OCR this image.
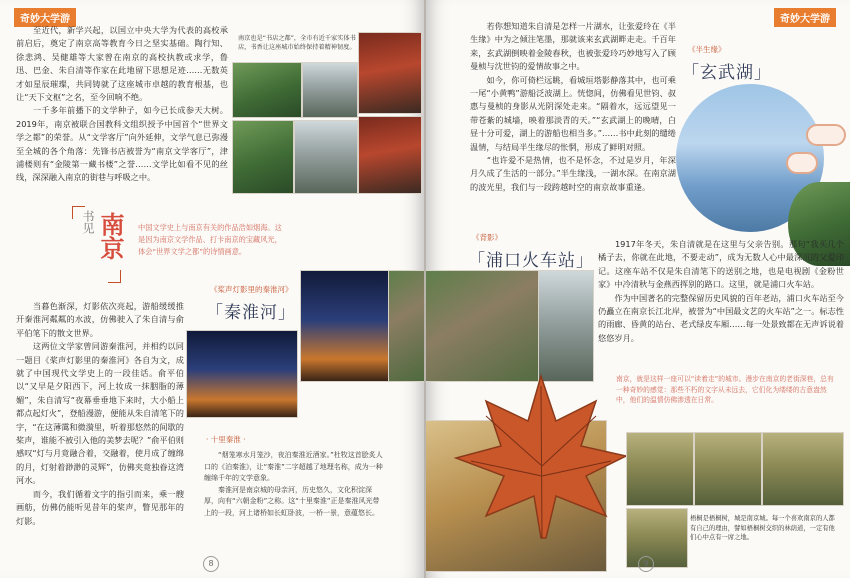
奇妙大学游

　　至近代，新学兴起，以国立中央大学为代表的高校承前启后，奠定了南京高等教育今日之坚实基础。陶行知、徐悲鸿、吴健雄等大家曾在南京的高校执教或求学，鲁迅、巴金、朱自清等作家在此地留下思想足迹……无数英才如星辰璀璨，共同铸就了这座城市卓越的教育根基，也让“天下文枢”之名，至今回响不绝。

　　一千多年前播下的文学种子，如今已长成参天大树。2019年，南京被联合国教科文组织授予中国首个“世界文学之都”的荣誉。从“文学客厅”向外延伸，文学气息已弥漫至全城的各个角落：先锋书店被誉为“南京文学客厅”，津浦楼则有“金陵第一藏书楼”之誉……文学比如看不见的丝线，深深融入南京的街巷与呼吸之中。

南京也是“书店之都”，全市有近千家实体书店，书香让这座城市始终保持着精神韧度。
书见 南京 中国文学史上与南京有关的作品浩如烟海。这是因为南京文学作品、打卡南京的宝藏风光，体会“世界文学之都”的诗情画意。
《桨声灯影里的秦淮河》
「秦淮河」

　　当暮色渐深，灯影依次亮起，游船缓缓推开秦淮河粼粼的水波，仿佛驶入了朱自清与俞平伯笔下的散文世界。

　　这两位文学家曾同游秦淮河，并相约以同一题目《桨声灯影里的秦淮河》各自为文，成就了中国现代文学史上的一段佳话。俞平伯以“又早是夕阳西下，河上妆成一抹胭脂的薄媚”，朱自清写“夜幕垂垂地下来时，大小船上都点起灯火”，登船漫游，便能从朱自清笔下的字，“在这薄霭和微漪里，听着那悠然的间歇的桨声，谁能不被引入他的美梦去呢？”俞平伯则感叹“灯与月竟融合着，交融着，使月成了缠绵的月，灯射着渺渺的灵辉”，仿佛夹竟独眷这湾河水。

　　而今，我们循着文字的指引而来，乘一艘画舫，仿佛仍能听见昔年的桨声，瞥见那年的灯影。

· 十里秦淮 ·
　　“烟笼寒水月笼沙，夜泊秦淮近酒家。”杜牧这首脍炙人口的《泊秦淮》，让“秦淮”二字超越了地理名称，成为一种缠绵千年的文学意象。
　　秦淮河是南京城的母亲河，历史悠久，文化积淀深厚，向有“六朝金粉”之称。这“十里秦淮”正是秦淮风光带上的一段，河上诸桥如长虹卧波，一桥一景，意蕴悠长。
8
奇妙大学游

　　若你想知道朱自清是怎样一片湖水，让张爱玲在《半生缘》中为之倾注笔墨，那就该来玄武湖畔走走。千百年来，玄武湖倒映着金陵春秋，也被张爱玲巧妙地写入了顾曼桢与沈世钧的爱情故事之中。

　　如今，你可倚栏远眺，看城垣塔影静落其中，也可乘一尾“小黄鸭”游船泛波湖上。恍惚间，仿佛看见世钧、叔惠与曼桢的身影从光阴深处走来。“隔着水，远远望见一带苍紫的城墙，映着那淡青的天。”“玄武湖上的晚晴，白昼十分可爱，湖上的游船也相当多。”……书中此刻的缱绻温情，与结局半生缘尽的怅惘，形成了鲜明对照。

　　“也许爱不是热情，也不是怀念，不过是岁月，年深月久成了生活的一部分。”半生缘浅，一湖水深。在南京湖的波光里，我们与一段跨越时空的南京故事重逢。

《半生缘》
「玄武湖」
《背影》
「浦口火车站」

　　1917年冬天，朱自清就是在这里与父亲告别。那句“我买几个橘子去，你就在此地，不要走动”，成为无数人心中最深沉的父爱印记。这座车站不仅是朱自清笔下的送别之地，也是电视剧《金粉世家》中冷清秋与金燕西挥别的路口。这里，就是浦口火车站。

　　作为中国著名的完整保留历史风貌的百年老站，浦口火车站至今仍矗立在南京长江北岸，被誉为“中国最文艺的火车站”之一。标志性的雨廊、昏黄的站台、老式绿皮车厢……每一处景致都在无声诉说着悠悠岁月。

南京，就是这样一座可以“读着走”的城市。漫步在南京的老街深巷，总有一种奇妙的感觉：那些不朽的文字从未远去，它们化为缕缕的古意盎然中，他们的温情仿佛渗透在日常。
梧桐是梧桐树，城是南京城。每一个喜欢南京的人都有自己的理由，譬如梧桐树交织的林荫道，一定有他们心中点有一席之地。
9
